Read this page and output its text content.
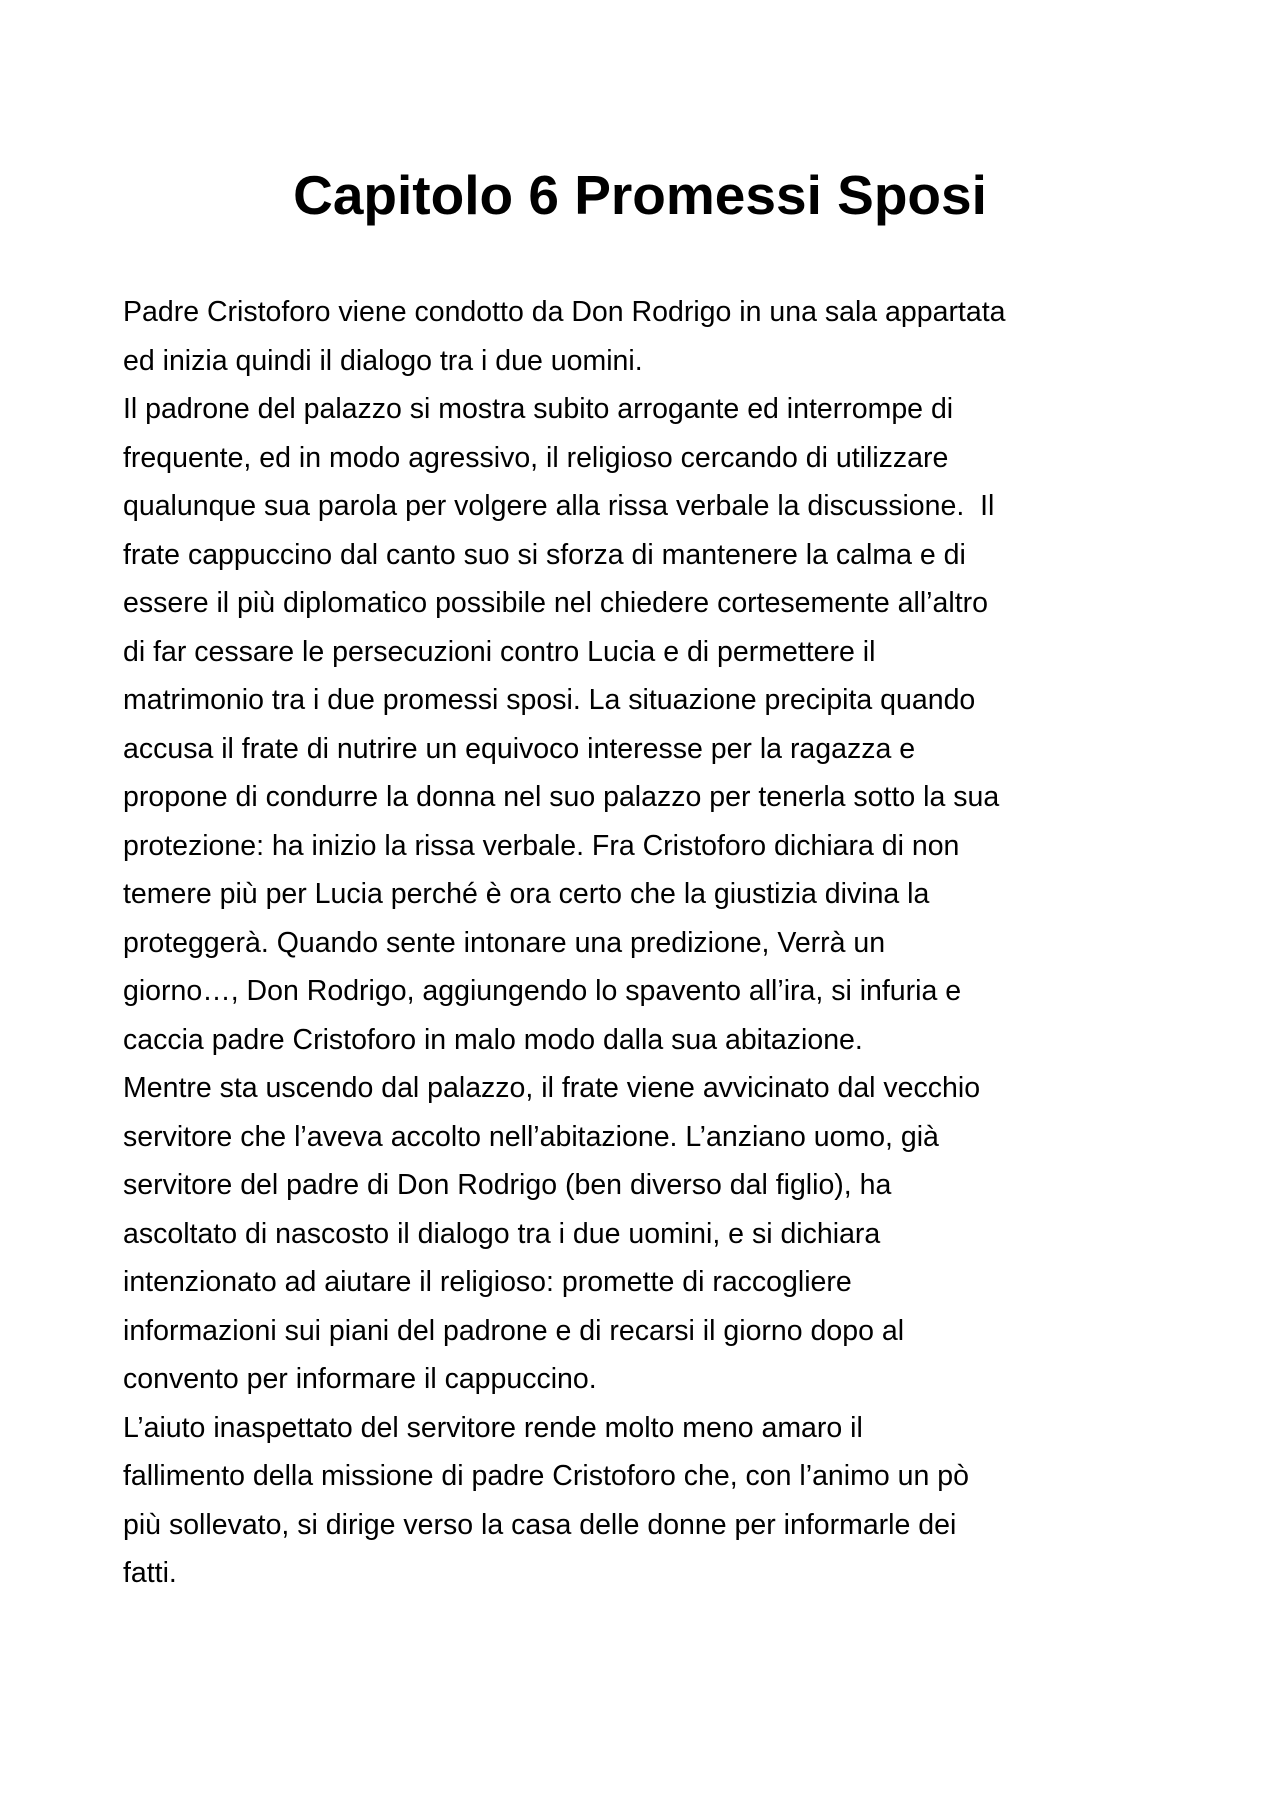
Capitolo 6 Promessi Sposi
Padre Cristoforo viene condotto da Don Rodrigo in una sala appartata
ed inizia quindi il dialogo tra i due uomini.
Il padrone del palazzo si mostra subito arrogante ed interrompe di
frequente, ed in modo agressivo, il religioso cercando di utilizzare
qualunque sua parola per volgere alla rissa verbale la discussione.  Il
frate cappuccino dal canto suo si sforza di mantenere la calma e di
essere il più diplomatico possibile nel chiedere cortesemente all’altro
di far cessare le persecuzioni contro Lucia e di permettere il
matrimonio tra i due promessi sposi. La situazione precipita quando
accusa il frate di nutrire un equivoco interesse per la ragazza e
propone di condurre la donna nel suo palazzo per tenerla sotto la sua
protezione: ha inizio la rissa verbale. Fra Cristoforo dichiara di non
temere più per Lucia perché è ora certo che la giustizia divina la
proteggerà. Quando sente intonare una predizione, Verrà un
giorno…, Don Rodrigo, aggiungendo lo spavento all’ira, si infuria e
caccia padre Cristoforo in malo modo dalla sua abitazione.
Mentre sta uscendo dal palazzo, il frate viene avvicinato dal vecchio
servitore che l’aveva accolto nell’abitazione. L’anziano uomo, già
servitore del padre di Don Rodrigo (ben diverso dal figlio), ha
ascoltato di nascosto il dialogo tra i due uomini, e si dichiara
intenzionato ad aiutare il religioso: promette di raccogliere
informazioni sui piani del padrone e di recarsi il giorno dopo al
convento per informare il cappuccino.
L’aiuto inaspettato del servitore rende molto meno amaro il
fallimento della missione di padre Cristoforo che, con l’animo un pò
più sollevato, si dirige verso la casa delle donne per informarle dei
fatti.
